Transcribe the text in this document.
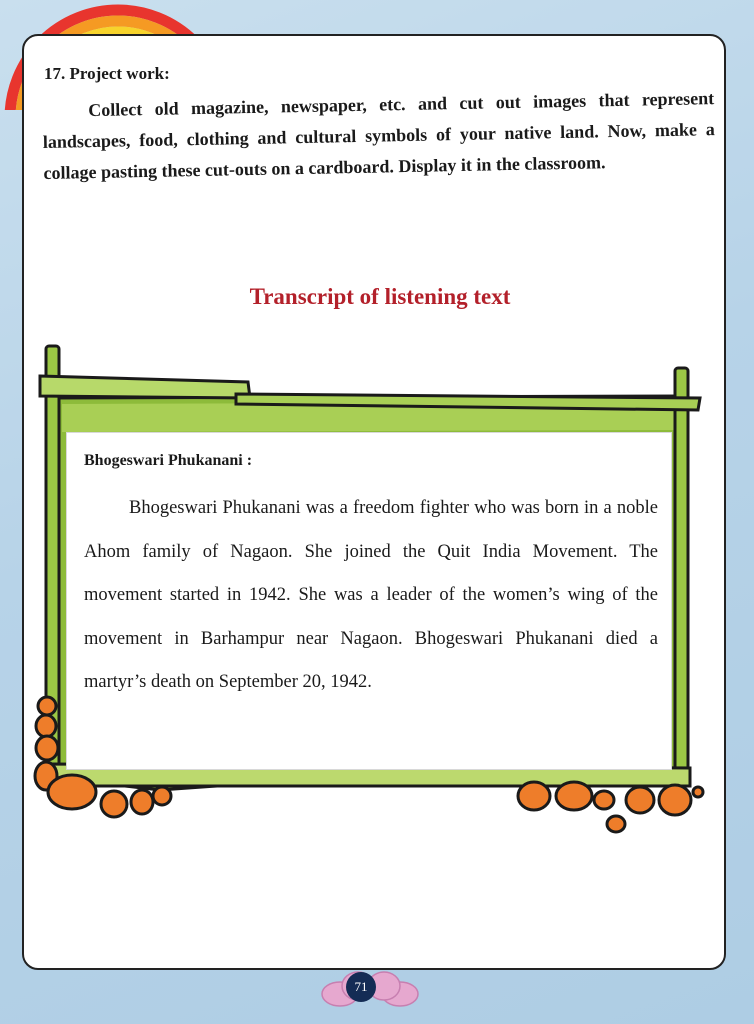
17. Project work:

Collect old magazine, newspaper, etc. and cut out images that represent landscapes, food, clothing and cultural symbols of your native land. Now, make a collage pasting these cut-outs on a cardboard. Display it in the classroom.

Transcript of listening text
Bhogeswari Phukanani :

Bhogeswari Phukanani was a freedom fighter who was born in a noble Ahom family of Nagaon. She joined the Quit India Movement. The movement started in 1942. She was a leader of the women’s wing of the movement in Barhampur near Nagaon. Bhogeswari Phukanani died a martyr’s death on September 20, 1942.

71
